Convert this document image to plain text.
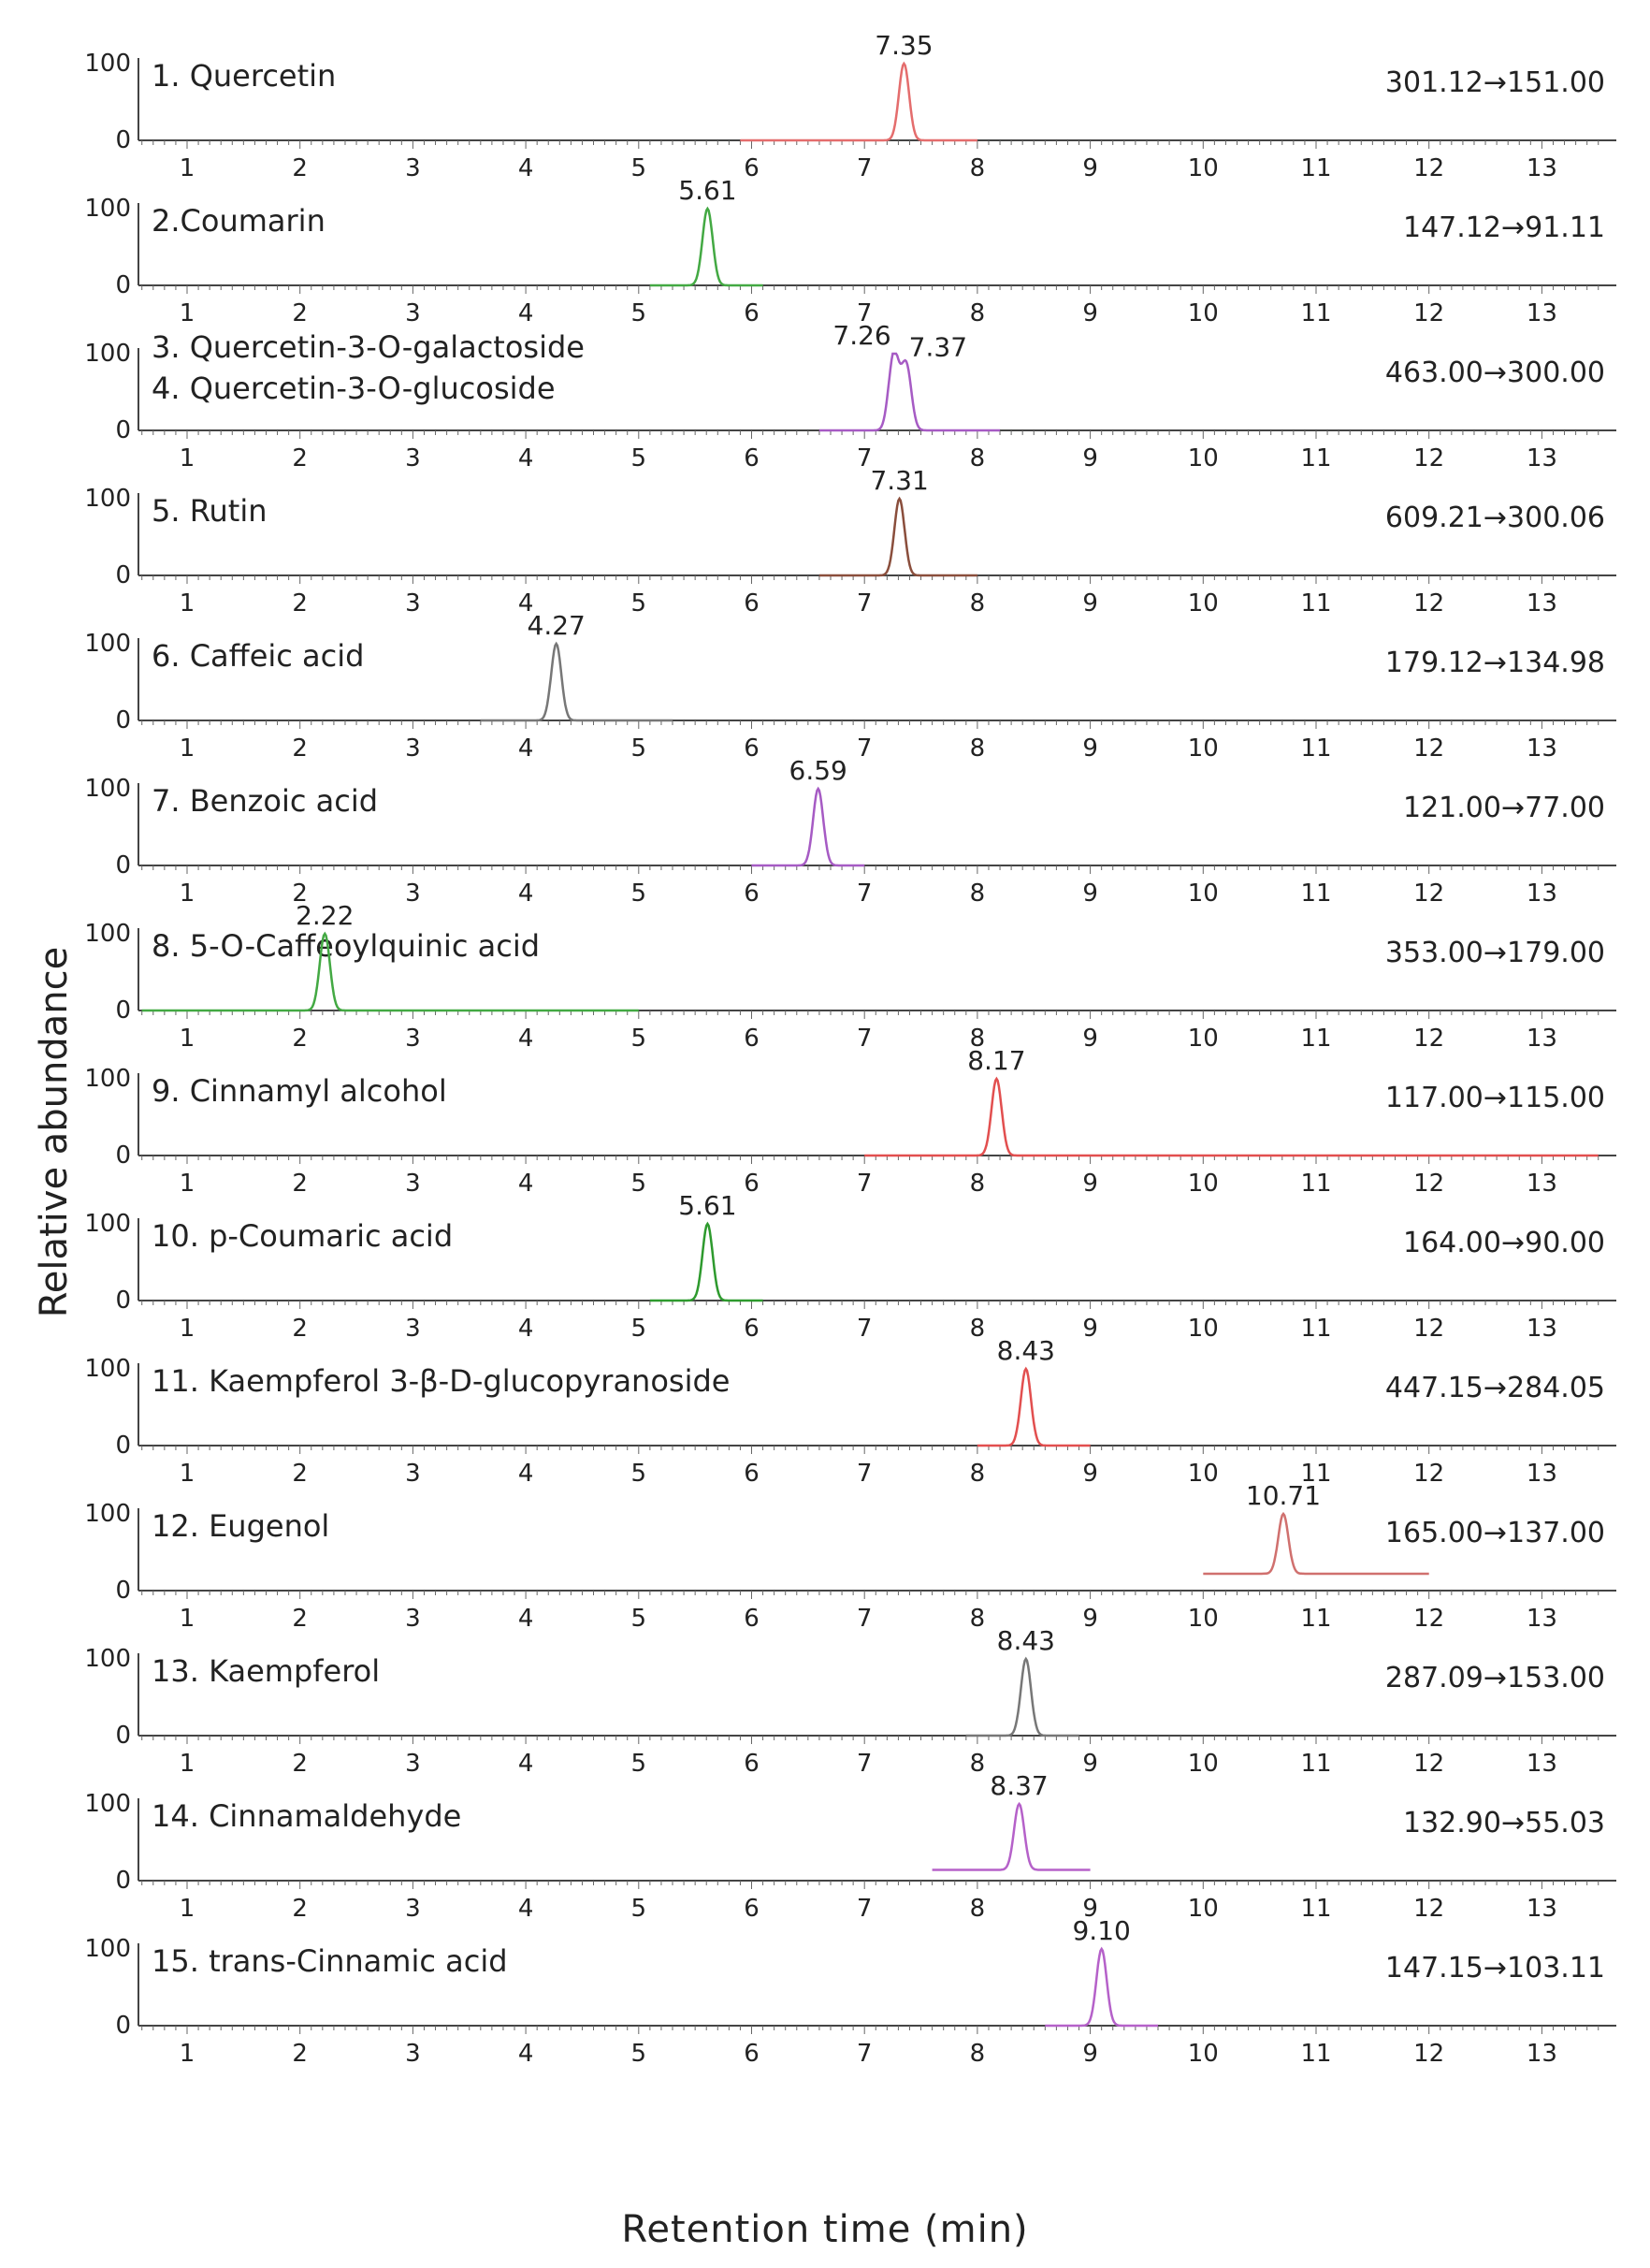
Relative abundance
100
0
1	2	3	4	5	6	7	8	9	10	11	12	13
1. Quercetin	301.12→151.00
7.35
100
0
1	2	3	4	5	6	7	8	9	10	11	12	13
2.Coumarin	147.12→91.11
5.61
100
0
1	2	3	4	5	6	7	8	9	10	11	12	13
3. Quercetin-3-O-galactoside
4. Quercetin-3-O-glucoside	463.00→300.00
7.26 7.37
100
0
1	2	3	4	5	6	7	8	9	10	11	12	13
5. Rutin	609.21→300.06
7.31
100
0
1	2	3	4	5	6	7	8	9	10	11	12	13
6. Caffeic acid	179.12→134.98
4.27
100
0
1	2	3	4	5	6	7	8	9	10	11	12	13
7. Benzoic acid	121.00→77.00
6.59
100
0
1	2	3	4	5	6	7	8	9	10	11	12	13
8. 5-O-Caffeoylquinic acid	353.00→179.00
2.22
100
0
1	2	3	4	5	6	7	8	9	10	11	12	13
9. Cinnamyl alcohol	117.00→115.00
8.17
100
0
1	2	3	4	5	6	7	8	9	10	11	12	13
10. p-Coumaric acid	164.00→90.00
5.61
100
0
1	2	3	4	5	6	7	8	9	10	11	12	13
11. Kaempferol 3-β-D-glucopyranoside	447.15→284.05
8.43
100
0
1	2	3	4	5	6	7	8	9	10	11	12	13
12. Eugenol	165.00→137.00
10.71
100
0
1	2	3	4	5	6	7	8	9	10	11	12	13
13. Kaempferol	287.09→153.00
8.43
100
0
1	2	3	4	5	6	7	8	9	10	11	12	13
14. Cinnamaldehyde	132.90→55.03
8.37
100
0
1	2	3	4	5	6	7	8	9	10	11	12	13
15. trans-Cinnamic acid	147.15→103.11
9.10
Retention time (min)
